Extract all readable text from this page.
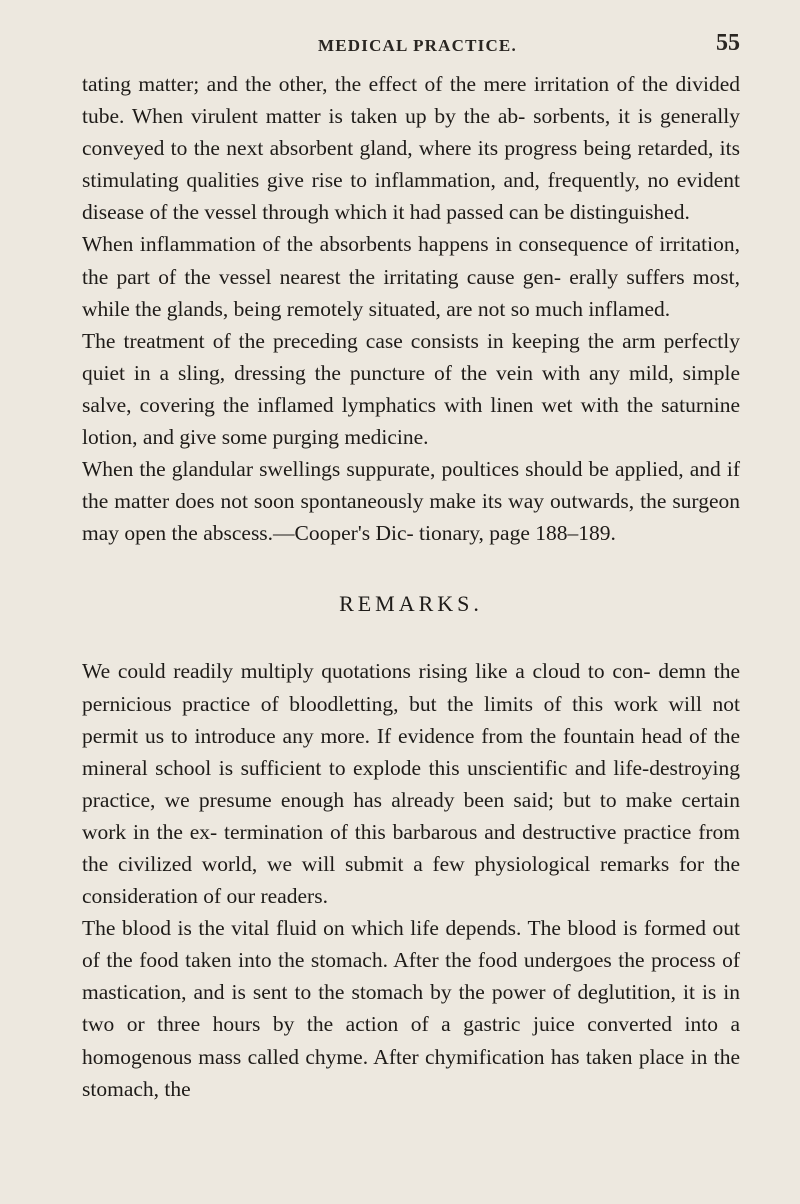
MEDICAL PRACTICE.	55

tating matter; and the other, the effect of the mere irritation of the divided tube. When virulent matter is taken up by the ab- sorbents, it is generally conveyed to the next absorbent gland, where its progress being retarded, its stimulating qualities give rise to inflammation, and, frequently, no evident disease of the vessel through which it had passed can be distinguished.

When inflammation of the absorbents happens in consequence of irritation, the part of the vessel nearest the irritating cause gen- erally suffers most, while the glands, being remotely situated, are not so much inflamed.

The treatment of the preceding case consists in keeping the arm perfectly quiet in a sling, dressing the puncture of the vein with any mild, simple salve, covering the inflamed lymphatics with linen wet with the saturnine lotion, and give some purging medicine.

When the glandular swellings suppurate, poultices should be applied, and if the matter does not soon spontaneously make its way outwards, the surgeon may open the abscess.—Cooper's Dic- tionary, page 188–189.

REMARKS.

We could readily multiply quotations rising like a cloud to con- demn the pernicious practice of bloodletting, but the limits of this work will not permit us to introduce any more. If evidence from the fountain head of the mineral school is sufficient to explode this unscientific and life-destroying practice, we presume enough has already been said; but to make certain work in the ex- termination of this barbarous and destructive practice from the civilized world, we will submit a few physiological remarks for the consideration of our readers.

The blood is the vital fluid on which life depends. The blood is formed out of the food taken into the stomach. After the food undergoes the process of mastication, and is sent to the stomach by the power of deglutition, it is in two or three hours by the action of a gastric juice converted into a homogenous mass called chyme. After chymification has taken place in the stomach, the
